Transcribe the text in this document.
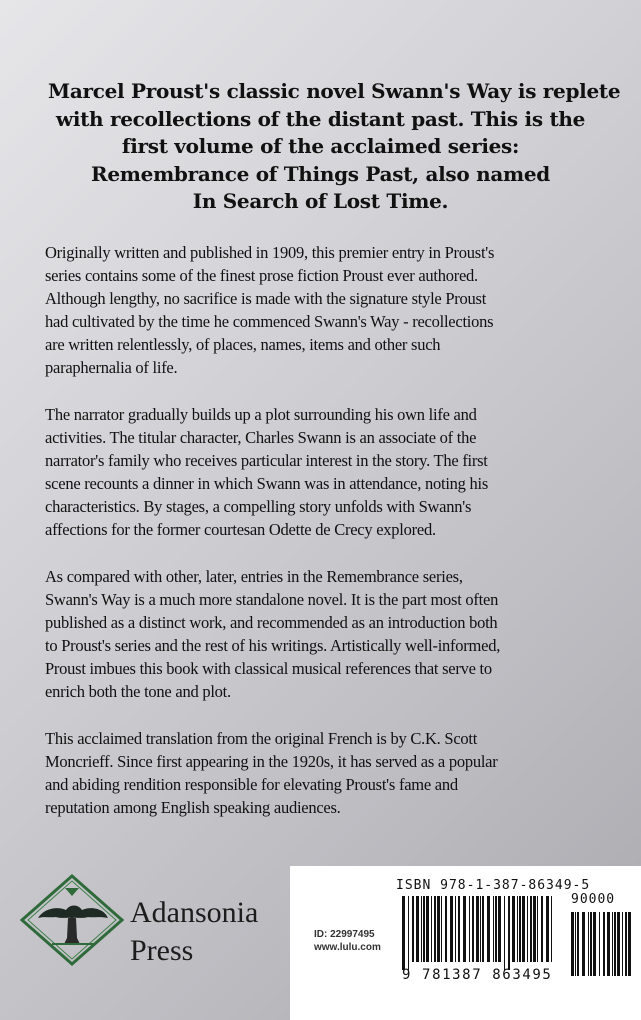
Marcel Proust's classic novel Swann's Way is replete
with recollections of the distant past. This is the
first volume of the acclaimed series:
Remembrance of Things Past, also named
In Search of Lost Time.
Originally written and published in 1909, this premier entry in Proust's
series contains some of the finest prose fiction Proust ever authored.
Although lengthy, no sacrifice is made with the signature style Proust
had cultivated by the time he commenced Swann's Way - recollections
are written relentlessly, of places, names, items and other such
paraphernalia of life.
The narrator gradually builds up a plot surrounding his own life and
activities. The titular character, Charles Swann is an associate of the
narrator's family who receives particular interest in the story. The first
scene recounts a dinner in which Swann was in attendance, noting his
characteristics. By stages, a compelling story unfolds with Swann's
affections for the former courtesan Odette de Crecy explored.
As compared with other, later, entries in the Remembrance series,
Swann's Way is a much more standalone novel. It is the part most often
published as a distinct work, and recommended as an introduction both
to Proust's series and the rest of his writings. Artistically well-informed,
Proust imbues this book with classical musical references that serve to
enrich both the tone and plot.
This acclaimed translation from the original French is by C.K. Scott
Moncrieff. Since first appearing in the 1920s, it has served as a popular
and abiding rendition responsible for elevating Proust's fame and
reputation among English speaking audiences.
Adansonia
Press
ISBN 978-1-387-86349-5
90000
ID: 22997495
www.lulu.com
9 781387 863495
